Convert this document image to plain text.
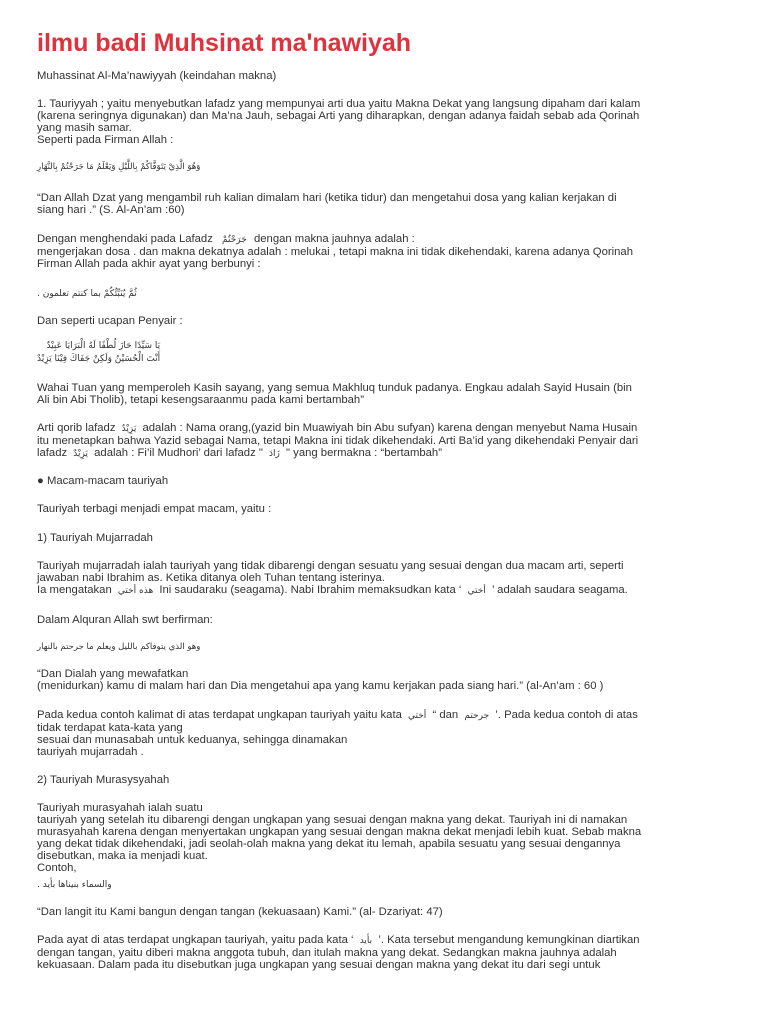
ilmu badi Muhsinat ma'nawiyah

Muhassinat Al-Ma’nawiyyah (keindahan makna)

1. Tauriyyah ; yaitu menyebutkan lafadz yang mempunyai arti dua yaitu Makna Dekat yang langsung dipaham dari kalam
(karena seringnya digunakan) dan Ma’na Jauh, sebagai Arti yang diharapkan, dengan adanya faidah sebab ada Qorinah
yang masih samar.
Seperti pada Firman Allah :

وَهُوَ الَّذِيْ يَتَوَفَّاكُمْ بِاللَّيْلِ وَيَعْلَمُ مَا جَرَحْتُمْ بِالنَّهَارِ

“Dan Allah Dzat yang mengambil ruh kalian dimalam hari (ketika tidur) dan mengetahui dosa yang kalian kerjakan di
siang hari .” (S. Al-An’am :60)

Dengan menghendaki pada Lafadz جَرَحْتُمْ dengan makna jauhnya adalah :
mengerjakan dosa . dan makna dekatnya adalah : melukai , tetapi makna ini tidak dikehendaki, karena adanya Qorinah
Firman Allah pada akhir ayat yang berbunyi :

ثُمَّ يُنَبِّئُكُمْ بما كنتم تعلمون .

Dan seperti ucapan Penyair :

يَا سَيِّدًا حَازَ لُطْفًا لَهُ الْبَرَايَا عَبِيْدٌ
أَنْتَ الْحُسَيْنُ وَلَكِنْ جَفَاكَ فِيْنَا يَزِيْدٌ

Wahai Tuan yang memperoleh Kasih sayang, yang semua Makhluq tunduk padanya. Engkau adalah Sayid Husain (bin
Ali bin Abi Tholib), tetapi kesengsaraanmu pada kami bertambah”

Arti qorib lafadz يَزِيْدٌ adalah : Nama orang,(yazid bin Muawiyah bin Abu sufyan) karena dengan menyebut Nama Husain
itu menetapkan bahwa Yazid sebagai Nama, tetapi Makna ini tidak dikehendaki. Arti Ba’id yang dikehendaki Penyair dari
lafadz يَزِيْدٌ adalah : Fi’il Mudhori’ dari lafadz " زَادَ " yang bermakna : “bertambah”

● Macam-macam tauriyah

Tauriyah terbagi menjadi empat macam, yaitu :

1) Tauriyah Mujarradah

Tauriyah mujarradah ialah tauriyah yang tidak dibarengi dengan sesuatu yang sesuai dengan dua macam arti, seperti
jawaban nabi Ibrahim as. Ketika ditanya oleh Tuhan tentang isterinya.
Ia mengatakan هذه أختي Ini saudaraku (seagama). Nabi Ibrahim memaksudkan kata ‘ أختي ’ adalah saudara seagama.

Dalam Alquran Allah swt berfirman:

وهو الذي يتوفاكم بالليل ويعلم ما جرحتم بالنهار

“Dan Dialah yang mewafatkan
(menidurkan) kamu di malam hari dan Dia mengetahui apa yang kamu kerjakan pada siang hari.” (al-An’am : 60 )

Pada kedua contoh kalimat di atas terdapat ungkapan tauriyah yaitu kata أختي “ dan جرحتم ’. Pada kedua contoh di atas
tidak terdapat kata-kata yang
sesuai dan munasabah untuk keduanya, sehingga dinamakan
tauriyah mujarradah .

2) Tauriyah Murasysyahah

Tauriyah murasyahah ialah suatu
tauriyah yang setelah itu dibarengi dengan ungkapan yang sesuai dengan makna yang dekat. Tauriyah ini di namakan
murasyahah karena dengan menyertakan ungkapan yang sesuai dengan makna dekat menjadi lebih kuat. Sebab makna
yang dekat tidak dikehendaki, jadi seolah-olah makna yang dekat itu lemah, apabila sesuatu yang sesuai dengannya
disebutkan, maka ia menjadi kuat.
Contoh,

والسماء بنيناها بأيد .

“Dan langit itu Kami bangun dengan tangan (kekuasaan) Kami.” (al- Dzariyat: 47)

Pada ayat di atas terdapat ungkapan tauriyah, yaitu pada kata ‘ بأيد ’. Kata tersebut mengandung kemungkinan diartikan
dengan tangan, yaitu diberi makna anggota tubuh, dan itulah makna yang dekat. Sedangkan makna jauhnya adalah
kekuasaan. Dalam pada itu disebutkan juga ungkapan yang sesuai dengan makna yang dekat itu dari segi untuk
